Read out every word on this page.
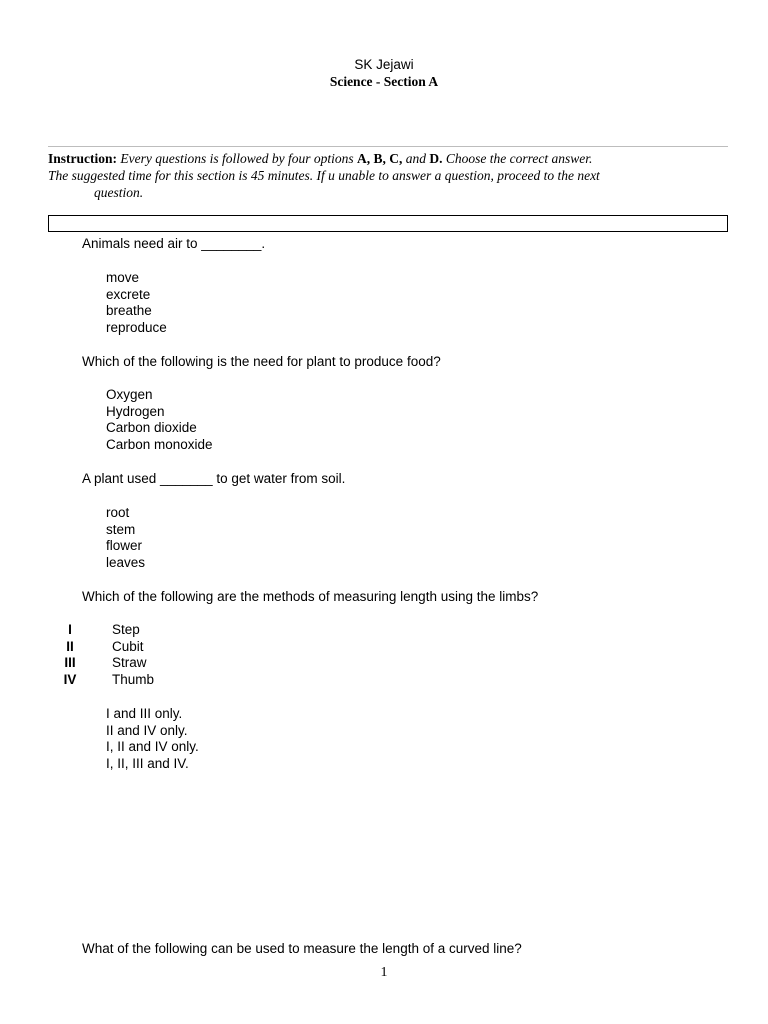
SK Jejawi
Science - Section A
Instruction: Every questions is followed by four options A, B, C, and D. Choose the correct answer.
The suggested time for this section is 45 minutes. If u unable to answer a question, proceed to the next
question.
Animals need air to ________.
move
excrete
breathe
reproduce
Which of the following is the need for plant to produce food?
Oxygen
Hydrogen
Carbon dioxide
Carbon monoxide
A plant used _______ to get water from soil.
root
stem
flower
leaves
Which of the following are the methods of measuring length using the limbs?
I	Step
II	Cubit
III	Straw
IV	Thumb
I and III only.
II and IV only.
I, II and IV only.
I, II, III and IV.
What of the following can be used to measure the length of a curved line?
1
